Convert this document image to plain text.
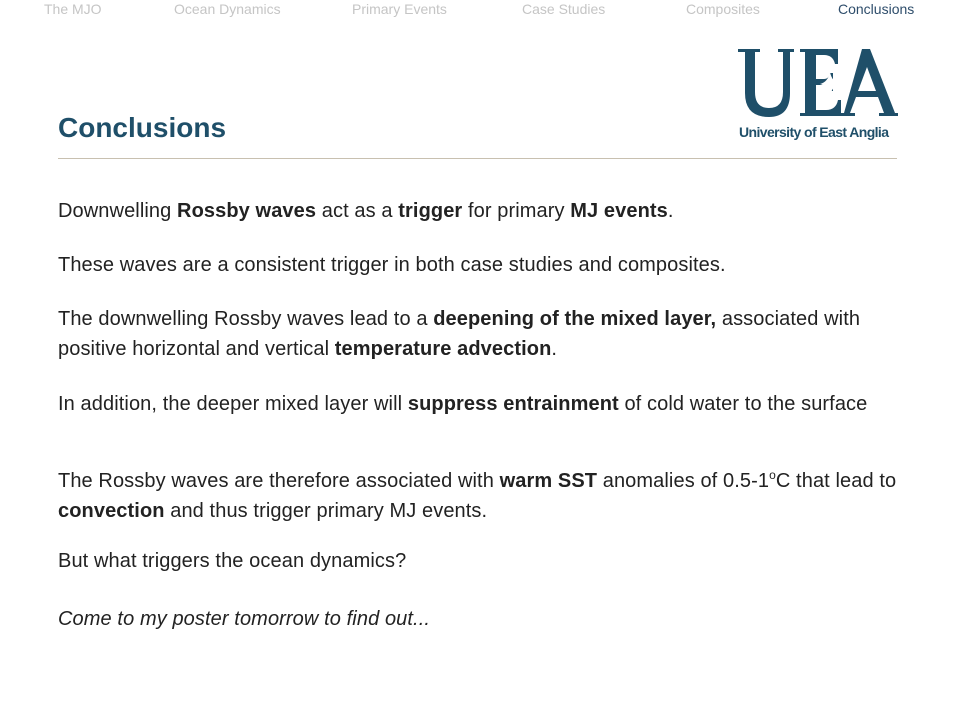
The MJO	Ocean Dynamics	Primary Events	Case Studies	Composites	Conclusions
University of East Anglia
Conclusions

Downwelling Rossby waves act as a trigger for primary MJ events.

These waves are a consistent trigger in both case studies and composites.

The downwelling Rossby waves lead to a deepening of the mixed layer, associated with positive horizontal and vertical temperature advection.

In addition, the deeper mixed layer will suppress entrainment of cold water to the surface

The Rossby waves are therefore associated with warm SST anomalies of 0.5-1$^o$C that lead to convection and thus trigger primary MJ events.

But what triggers the ocean dynamics?

Come to my poster tomorrow to find out...
